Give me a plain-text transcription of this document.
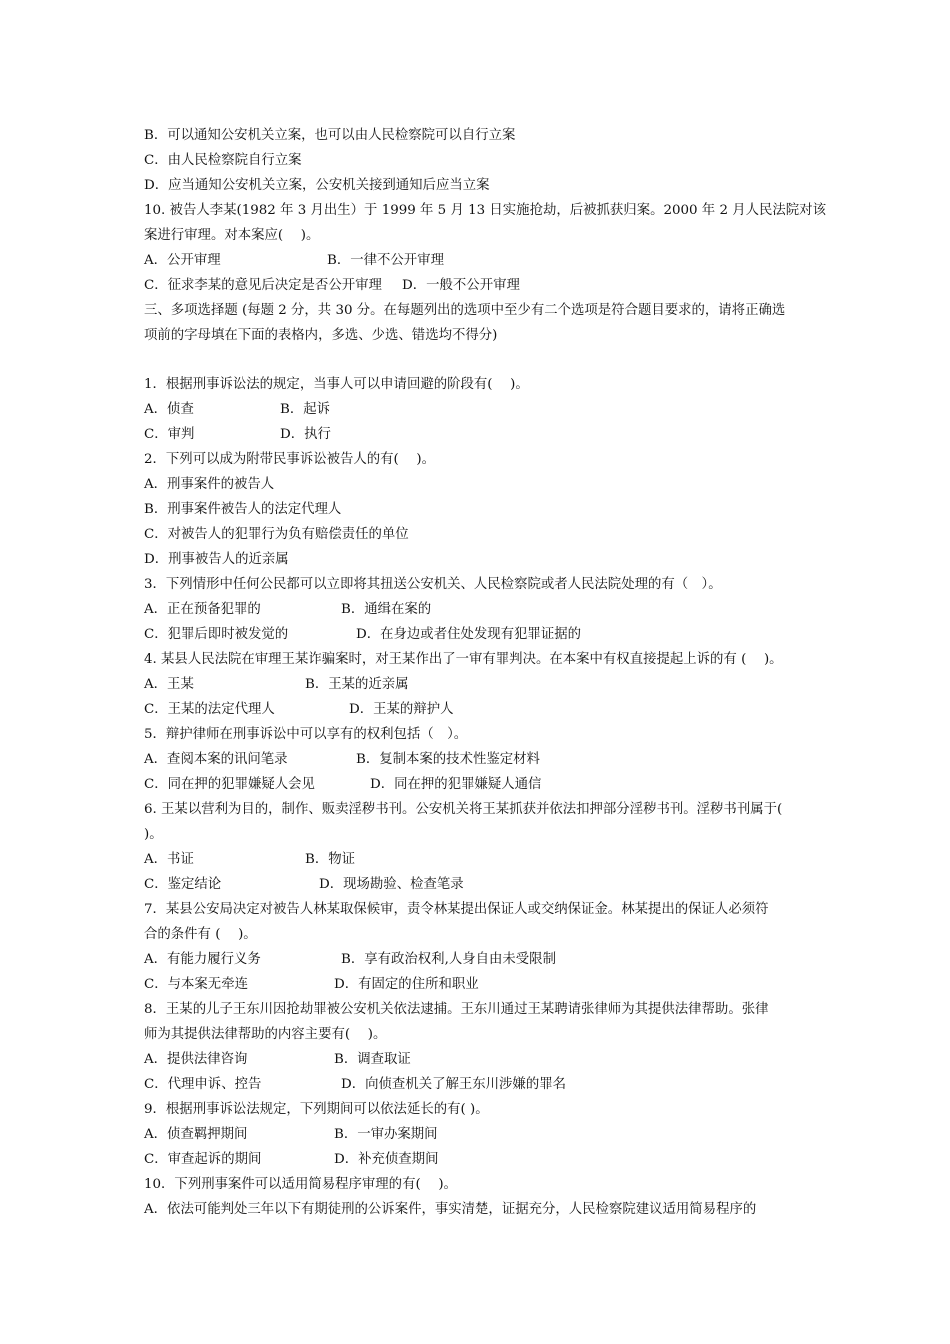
B．可以通知公安机关立案，也可以由人民检察院可以自行立案
C．由人民检察院自行立案
D．应当通知公安机关立案，公安机关接到通知后应当立案
10. 被告人李某(1982 年 3 月出生）于 1999 年 5 月 13 日实施抢劫，后被抓获归案。2000 年 2 月人民法院对该
案进行审理。对本案应(　 )。
A．公开审理	B．一律不公开审理
C．征求李某的意见后决定是否公开审理 D．一般不公开审理
三、多项选择题 (每题 2 分，共 30 分。在每题列出的选项中至少有二个选项是符合题目要求的，请将正确选
项前的字母填在下面的表格内，多选、少选、错选均不得分)
1．根据刑事诉讼法的规定，当事人可以申请回避的阶段有(　 )。
A．侦查	B．起诉
C．审判	D．执行
2．下列可以成为附带民事诉讼被告人的有(　 )。
A．刑事案件的被告人
B．刑事案件被告人的法定代理人
C．对被告人的犯罪行为负有赔偿责任的单位
D．刑事被告人的近亲属
3．下列情形中任何公民都可以立即将其扭送公安机关、人民检察院或者人民法院处理的有（　）。
A．正在预备犯罪的	B．通缉在案的
C．犯罪后即时被发觉的	D．在身边或者住处发现有犯罪证据的
4. 某县人民法院在审理王某诈骗案时，对王某作出了一审有罪判决。在本案中有权直接提起上诉的有 (　 )。
A．王某	B．王某的近亲属
C．王某的法定代理人	D．王某的辩护人
5．辩护律师在刑事诉讼中可以享有的权利包括（　）。
A．查阅本案的讯问笔录	B．复制本案的技术性鉴定材料
C．同在押的犯罪嫌疑人会见	D．同在押的犯罪嫌疑人通信
6. 王某以营利为目的，制作、贩卖淫秽书刊。公安机关将王某抓获并依法扣押部分淫秽书刊。淫秽书刊属于(
)。
A．书证	B．物证
C．鉴定结论	D．现场勘验、检查笔录
7．某县公安局决定对被告人林某取保候审，责令林某提出保证人或交纳保证金。林某提出的保证人必须符
合的条件有 (　 )。
A．有能力履行义务	B．享有政治权利,人身自由未受限制
C．与本案无牵连	D．有固定的住所和职业
8．王某的儿子王东川因抢劫罪被公安机关依法逮捕。王东川通过王某聘请张律师为其提供法律帮助。张律
师为其提供法律帮助的内容主要有(　 )。
A．提供法律咨询	B．调查取证
C．代理申诉、控告	D．向侦查机关了解王东川涉嫌的罪名
9．根据刑事诉讼法规定，下列期间可以依法延长的有( )。
A．侦查羁押期间	B．一审办案期间
C．审查起诉的期间	D．补充侦查期间
10．下列刑事案件可以适用简易程序审理的有(　 )。
A．依法可能判处三年以下有期徒刑的公诉案件，事实清楚，证据充分，人民检察院建议适用简易程序的
